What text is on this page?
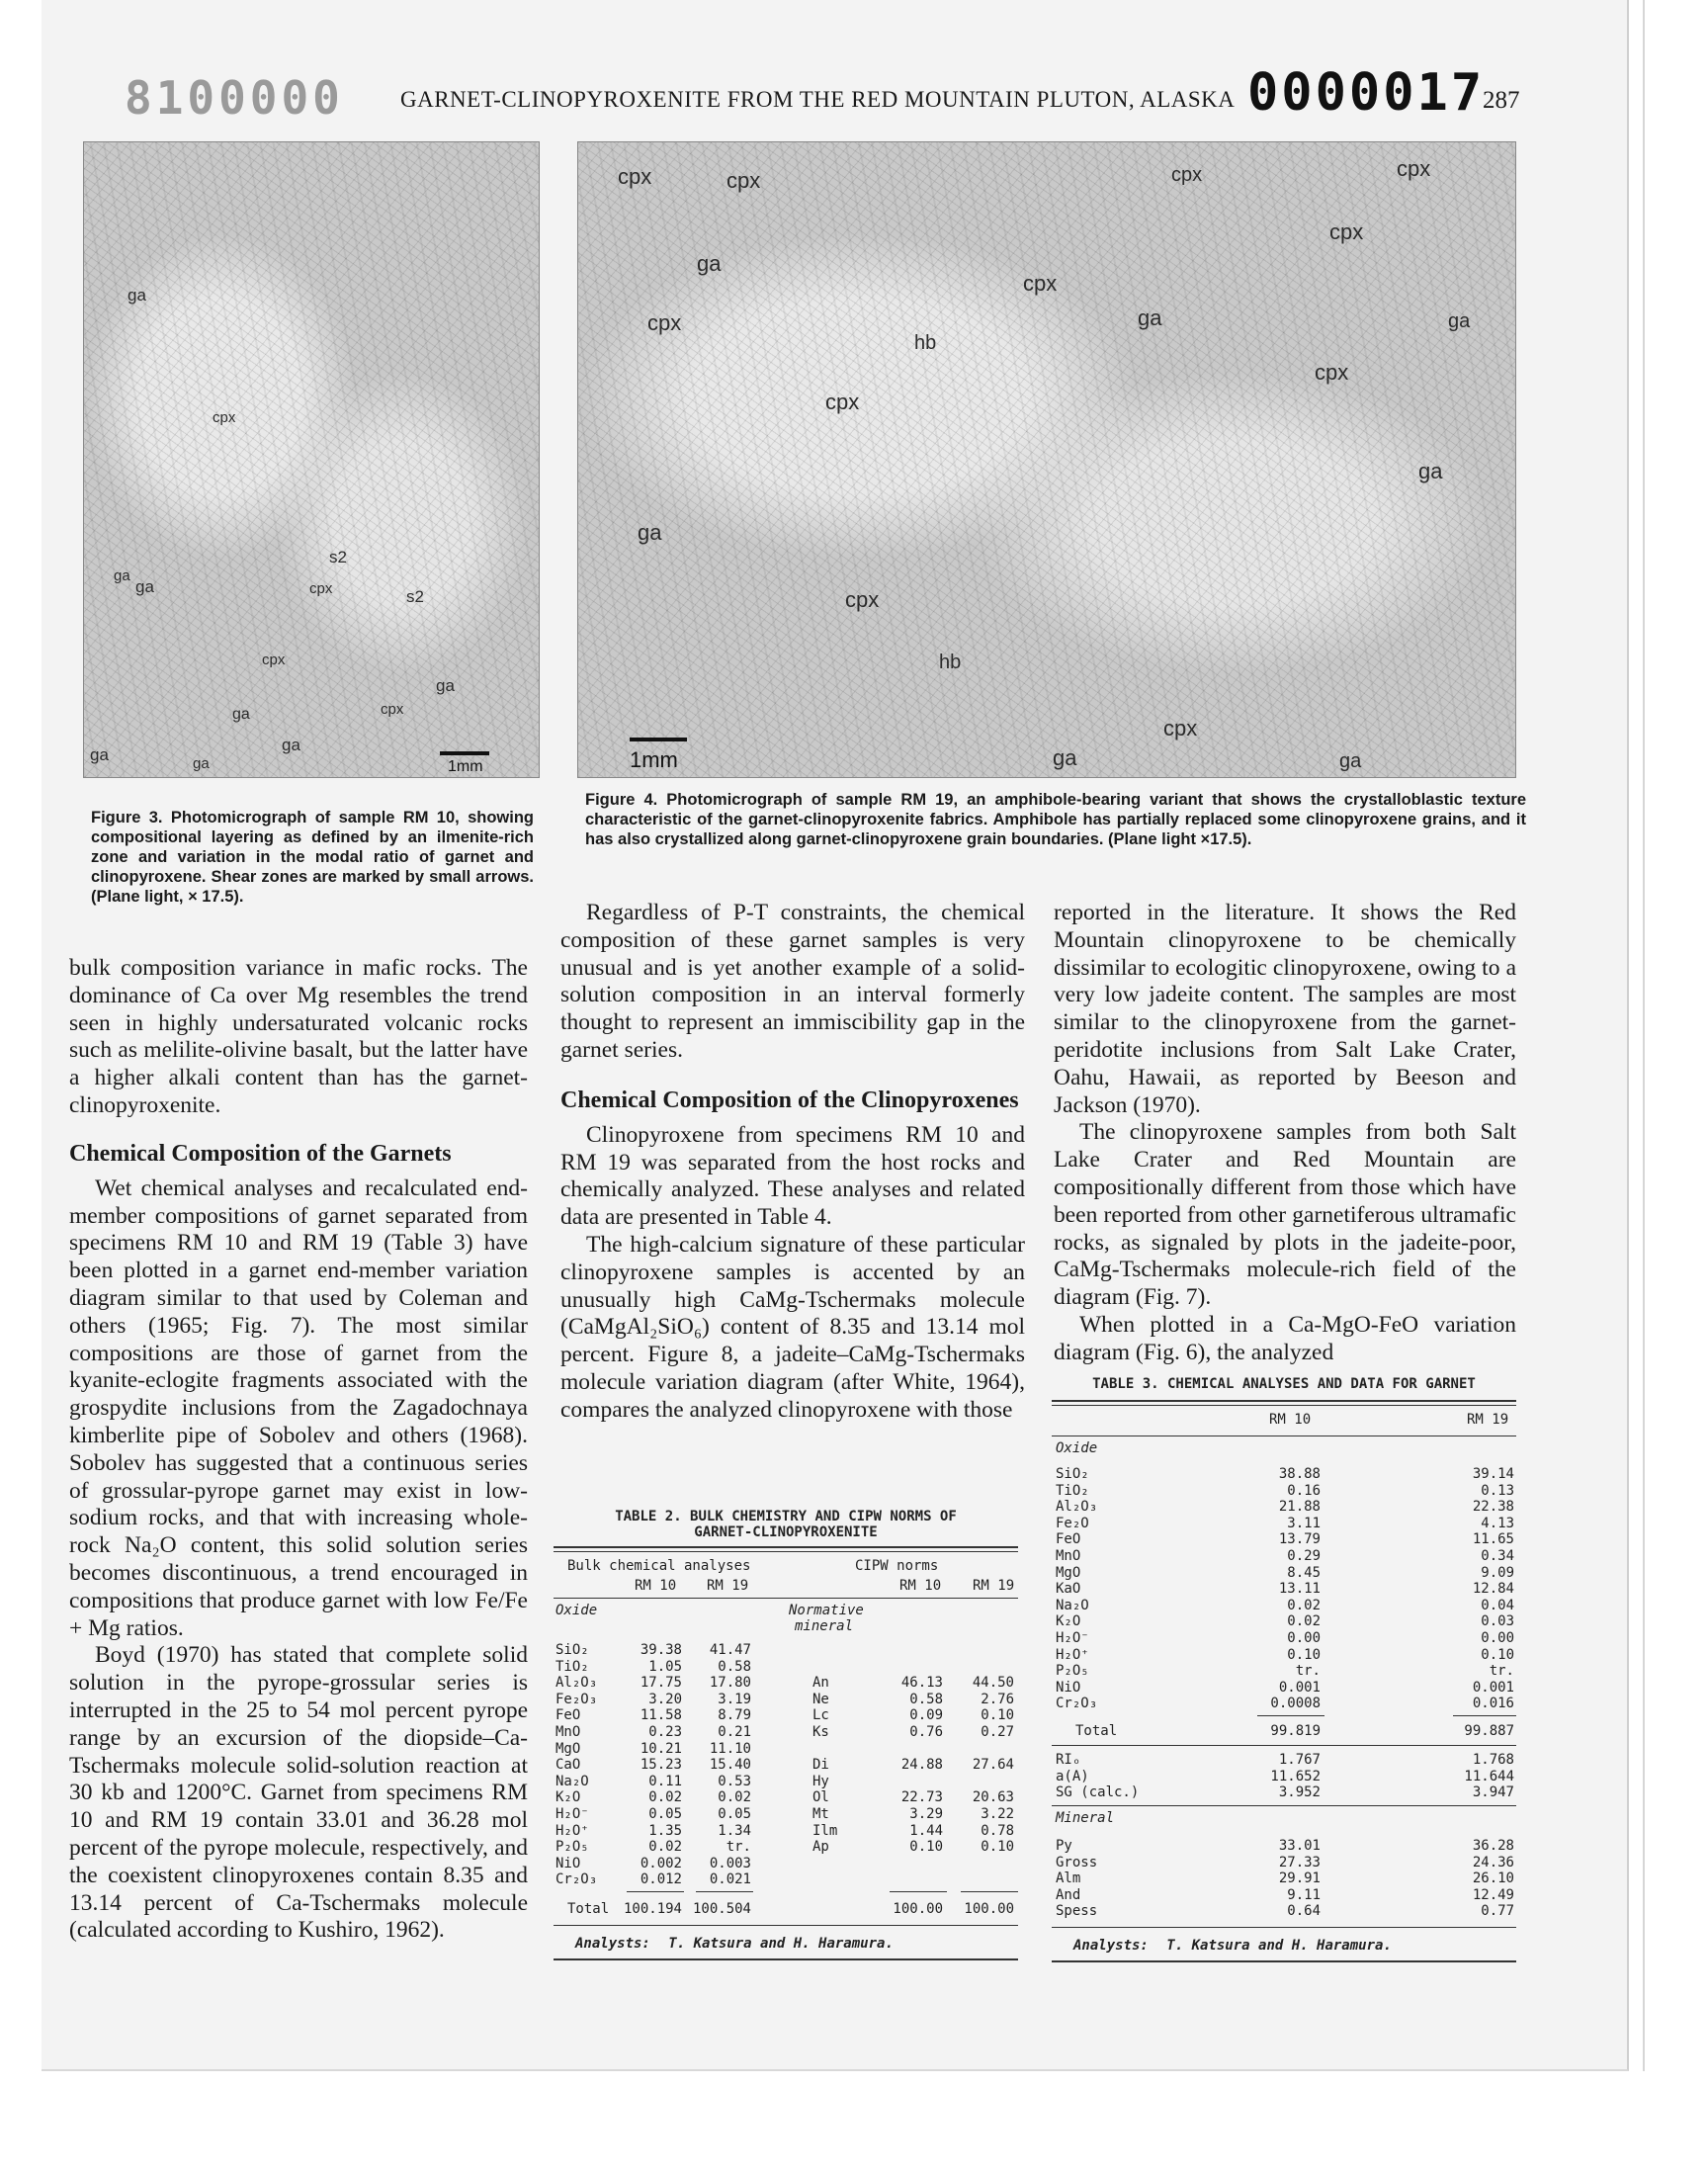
8100000 GARNET-CLINOPYROXENITE FROM THE RED MOUNTAIN PLUTON, ALASKA 0000017
287
ga
ga	cpx
ga
cpx
ga
cpx
ga
ga
ga
ga
cpx
s2
s2
1mm
cpx	cpx	cpx
cpx
ga
cpx
cpx
ga
cpx
ga
hb
cpx
cpx
ga
ga
ga
cpx
hb
cpx
ga
1mm
Figure 3. Photomicrograph of sample RM 10, showing compositional layering as defined by an ilmenite-rich zone and variation in the modal ratio of garnet and clinopyroxene. Shear zones are marked by small arrows. (Plane light, × 17.5).
Figure 4. Photomicrograph of sample RM 19, an amphibole-bearing variant that shows the crystalloblastic texture characteristic of the garnet-clinopyroxenite fabrics. Amphibole has partially replaced some clinopyroxene grains, and it has also crystallized along garnet-clinopyroxene grain boundaries. (Plane light ×17.5).

bulk composition variance in mafic rocks. The dominance of Ca over Mg resembles the trend seen in highly undersaturated volcanic rocks such as melilite-olivine basalt, but the latter have a higher alkali content than has the garnet-clinopyroxenite.

Chemical Composition of the Garnets

Wet chemical analyses and recalculated end-member compositions of garnet separated from specimens RM 10 and RM 19 (Table 3) have been plotted in a garnet end-member variation diagram similar to that used by Coleman and others (1965; Fig. 7). The most similar compositions are those of garnet from the kyanite-eclogite fragments associated with the grospydite inclusions from the Zagadochnaya kimberlite pipe of Sobolev and others (1968). Sobolev has suggested that a continuous series of grossular-pyrope garnet may exist in low-sodium rocks, and that with increasing whole-rock Na₂O content, this solid solution series becomes discontinuous, a trend encouraged in compositions that produce garnet with low Fe/Fe + Mg ratios.

Boyd (1970) has stated that complete solid solution in the pyrope-grossular series is interrupted in the 25 to 54 mol percent pyrope range by an excursion of the diopside–Ca-Tschermaks molecule solid-solution reaction at 30 kb and 1200°C. Garnet from specimens RM 10 and RM 19 contain 33.01 and 36.28 mol percent of the pyrope molecule, respectively, and the coexistent clinopyroxenes contain 8.35 and 13.14 percent of Ca-Tschermaks molecule (calculated according to Kushiro, 1962).

Regardless of P-T constraints, the chemical composition of these garnet samples is very unusual and is yet another example of a solid-solution composition in an interval formerly thought to represent an immiscibility gap in the garnet series.

Chemical Composition of the Clinopyroxenes

Clinopyroxene from specimens RM 10 and RM 19 was separated from the host rocks and chemically analyzed. These analyses and related data are presented in Table 4.

The high-calcium signature of these particular clinopyroxene samples is accented by an unusually high CaMg-Tschermaks molecule (CaMgAl₂SiO₆) content of 8.35 and 13.14 mol percent. Figure 8, a jadeite–CaMg-Tschermaks molecule variation diagram (after White, 1964), compares the analyzed clinopyroxene with those

reported in the literature. It shows the Red Mountain clinopyroxene to be chemically dissimilar to ecologitic clinopyroxene, owing to a very low jadeite content. The samples are most similar to the clinopyroxene from the garnet-peridotite inclusions from Salt Lake Crater, Oahu, Hawaii, as reported by Beeson and Jackson (1970).

The clinopyroxene samples from both Salt Lake Crater and Red Mountain are compositionally different from those which have been reported from other garnetiferous ultramafic rocks, as signaled by plots in the jadeite-poor, CaMg-Tschermaks molecule-rich field of the diagram (Fig. 7).

When plotted in a Ca-MgO-FeO variation diagram (Fig. 6), the analyzed

TABLE 2. BULK CHEMISTRY AND CIPW NORMS OF
GARNET-CLINOPYROXENITE
Bulk chemical analyses	CIPW norms
RM 10 RM 19	RM 10 RM 19
Oxide	Normative
mineral
SiO₂	39.38	41.47
TiO₂	1.05	0.58
Al₂O₃	17.75	17.80	An	46.13	44.50
Fe₂O₃	3.20	3.19	Ne	0.58	2.76
FeO	11.58	8.79	Lc	0.09	0.10
MnO	0.23	0.21	Ks	0.76	0.27
MgO	10.21	11.10
CaO	15.23	15.40	Di	24.88	27.64
Na₂O	0.11	0.53	Hy
K₂O	0.02	0.02	Ol	22.73	20.63
H₂O⁻	0.05	0.05	Mt	3.29	3.22
H₂O⁺	1.35	1.34	Ilm	1.44	0.78
P₂O₅	0.02	tr.	Ap	0.10	0.10
NiO	0.002	0.003
Cr₂O₃	0.012	0.021
Total	100.194 100.504	100.00	100.00
Analysts: T. Katsura and H. Haramura.
TABLE 3. CHEMICAL ANALYSES AND DATA FOR GARNET
RM 10	RM 19
Oxide
SiO₂	38.88	39.14
TiO₂	0.16	0.13
Al₂O₃	21.88	22.38
Fe₂O	3.11	4.13
FeO	13.79	11.65
MnO	0.29	0.34
MgO	8.45	9.09
KaO	13.11	12.84
Na₂O	0.02	0.04
K₂O	0.02	0.03
H₂O⁻	0.00	0.00
H₂O⁺	0.10	0.10
P₂O₅	tr.	tr.
NiO	0.001	0.001
Cr₂O₃	0.0008	0.016
Total	99.819	99.887
RIₒ	1.767	1.768
a(A)	11.652	11.644
SG (calc.)	3.952	3.947
Mineral
Py	33.01	36.28
Gross	27.33	24.36
Alm	29.91	26.10
And	9.11	12.49
Spess	0.64	0.77
Analysts: T. Katsura and H. Haramura.
